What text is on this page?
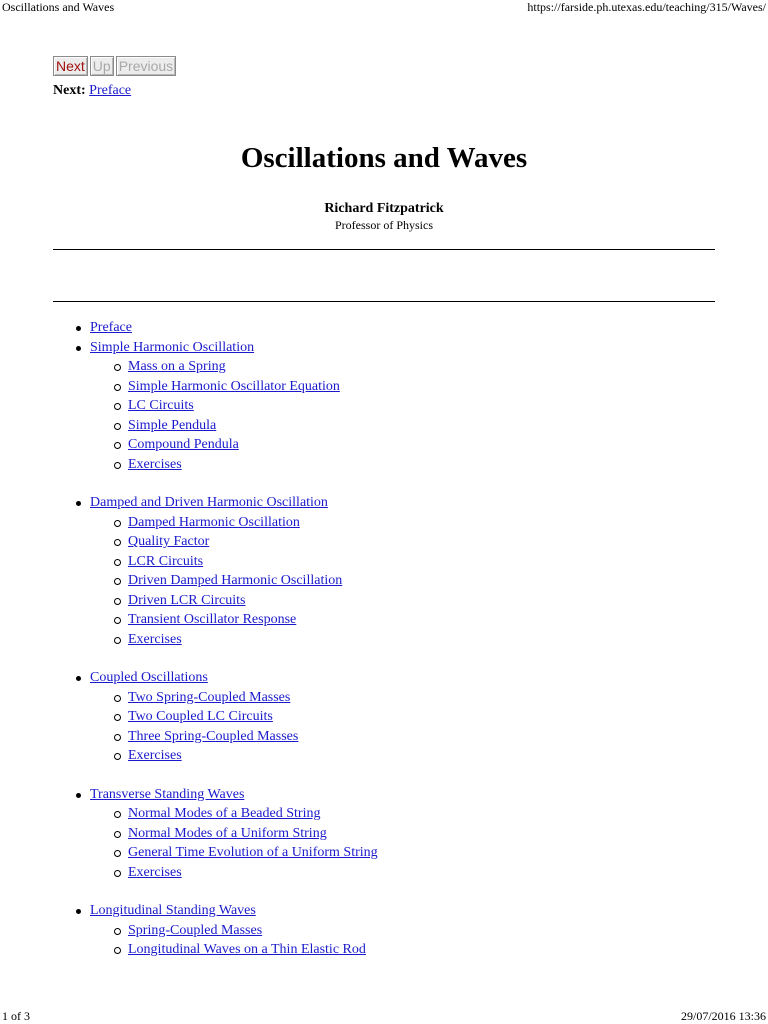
Oscillations and Waves	https://farside.ph.utexas.edu/teaching/315/Waves/
Next Up Previous
Next: Preface
Oscillations and Waves
Richard Fitzpatrick
Professor of Physics
Preface
Simple Harmonic Oscillation
Mass on a Spring
Simple Harmonic Oscillator Equation
LC Circuits
Simple Pendula
Compound Pendula
Exercises
Damped and Driven Harmonic Oscillation
Damped Harmonic Oscillation
Quality Factor
LCR Circuits
Driven Damped Harmonic Oscillation
Driven LCR Circuits
Transient Oscillator Response
Exercises
Coupled Oscillations
Two Spring-Coupled Masses
Two Coupled LC Circuits
Three Spring-Coupled Masses
Exercises
Transverse Standing Waves
Normal Modes of a Beaded String
Normal Modes of a Uniform String
General Time Evolution of a Uniform String
Exercises
Longitudinal Standing Waves
Spring-Coupled Masses
Longitudinal Waves on a Thin Elastic Rod
1 of 3	29/07/2016 13:36
